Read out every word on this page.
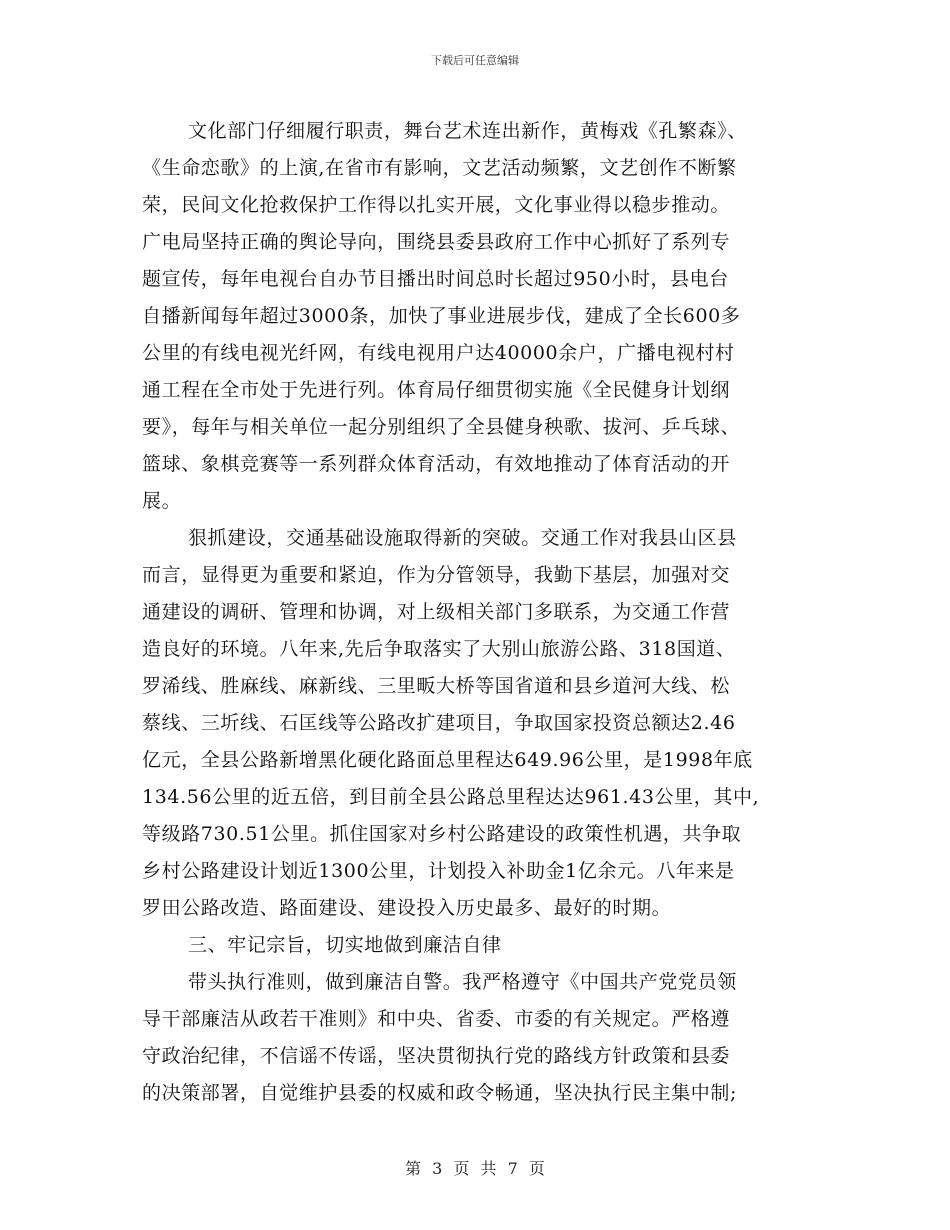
下载后可任意编辑
文化部门仔细履行职责，舞台艺术连出新作，黄梅戏《孔繁森》、
《生命恋歌》的上演,在省市有影响，文艺活动频繁，文艺创作不断繁
荣，民间文化抢救保护工作得以扎实开展，文化事业得以稳步推动。
广电局坚持正确的舆论导向，围绕县委县政府工作中心抓好了系列专
题宣传，每年电视台自办节目播出时间总时长超过950小时，县电台
自播新闻每年超过3000条，加快了事业进展步伐，建成了全长600多
公里的有线电视光纤网，有线电视用户达40000余户，广播电视村村
通工程在全市处于先进行列。体育局仔细贯彻实施《全民健身计划纲
要》，每年与相关单位一起分别组织了全县健身秧歌、拔河、乒乓球、
篮球、象棋竞赛等一系列群众体育活动，有效地推动了体育活动的开
展。
狠抓建设，交通基础设施取得新的突破。交通工作对我县山区县
而言，显得更为重要和紧迫，作为分管领导，我勤下基层，加强对交
通建设的调研、管理和协调，对上级相关部门多联系，为交通工作营
造良好的环境。八年来,先后争取落实了大别山旅游公路、318国道、
罗浠线、胜麻线、麻新线、三里畈大桥等国省道和县乡道河大线、松
蔡线、三圻线、石匡线等公路改扩建项目，争取国家投资总额达2.46
亿元，全县公路新增黑化硬化路面总里程达649.96公里，是1998年底
134.56公里的近五倍，到目前全县公路总里程达达961.43公里，其中,
等级路730.51公里。抓住国家对乡村公路建设的政策性机遇，共争取
乡村公路建设计划近1300公里，计划投入补助金1亿余元。八年来是
罗田公路改造、路面建设、建设投入历史最多、最好的时期。
三、牢记宗旨，切实地做到廉洁自律
带头执行准则，做到廉洁自警。我严格遵守《中国共产党党员领
导干部廉洁从政若干准则》和中央、省委、市委的有关规定。严格遵
守政治纪律，不信谣不传谣，坚决贯彻执行党的路线方针政策和县委
的决策部署，自觉维护县委的权威和政令畅通，坚决执行民主集中制;
第 3 页 共 7 页
